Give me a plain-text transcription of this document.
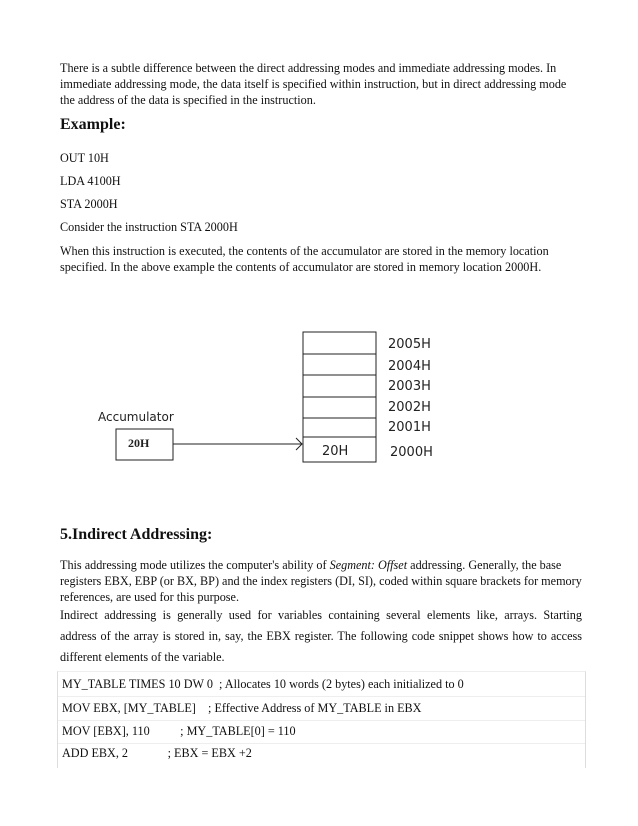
There is a subtle difference between the direct addressing modes and immediate addressing modes. In immediate addressing mode, the data itself is specified within instruction, but in direct addressing mode the address of the data is specified in the instruction.

Example:
OUT 10H
LDA 4100H
STA 2000H
Consider the instruction STA 2000H

When this instruction is executed, the contents of the accumulator are stored in the memory location specified. In the above example the contents of accumulator are stored in memory location 2000H.

20H
2005H
2004H
2003H
2002H
2001H
2000H
Accumulator
20H
5.Indirect Addressing:

This addressing mode utilizes the computer's ability of Segment: Offset addressing. Generally, the base registers EBX, EBP (or BX, BP) and the index registers (DI, SI), coded within square brackets for memory references, are used for this purpose.

Indirect addressing is generally used for variables containing several elements like, arrays. Starting address of the array is stored in, say, the EBX register. The following code snippet shows how to access different elements of the variable.

MY_TABLE TIMES 10 DW 0  ; Allocates 10 words (2 bytes) each initialized to 0
MOV EBX, [MY_TABLE]    ; Effective Address of MY_TABLE in EBX
MOV [EBX], 110          ; MY_TABLE[0] = 110
ADD EBX, 2             ; EBX = EBX +2
